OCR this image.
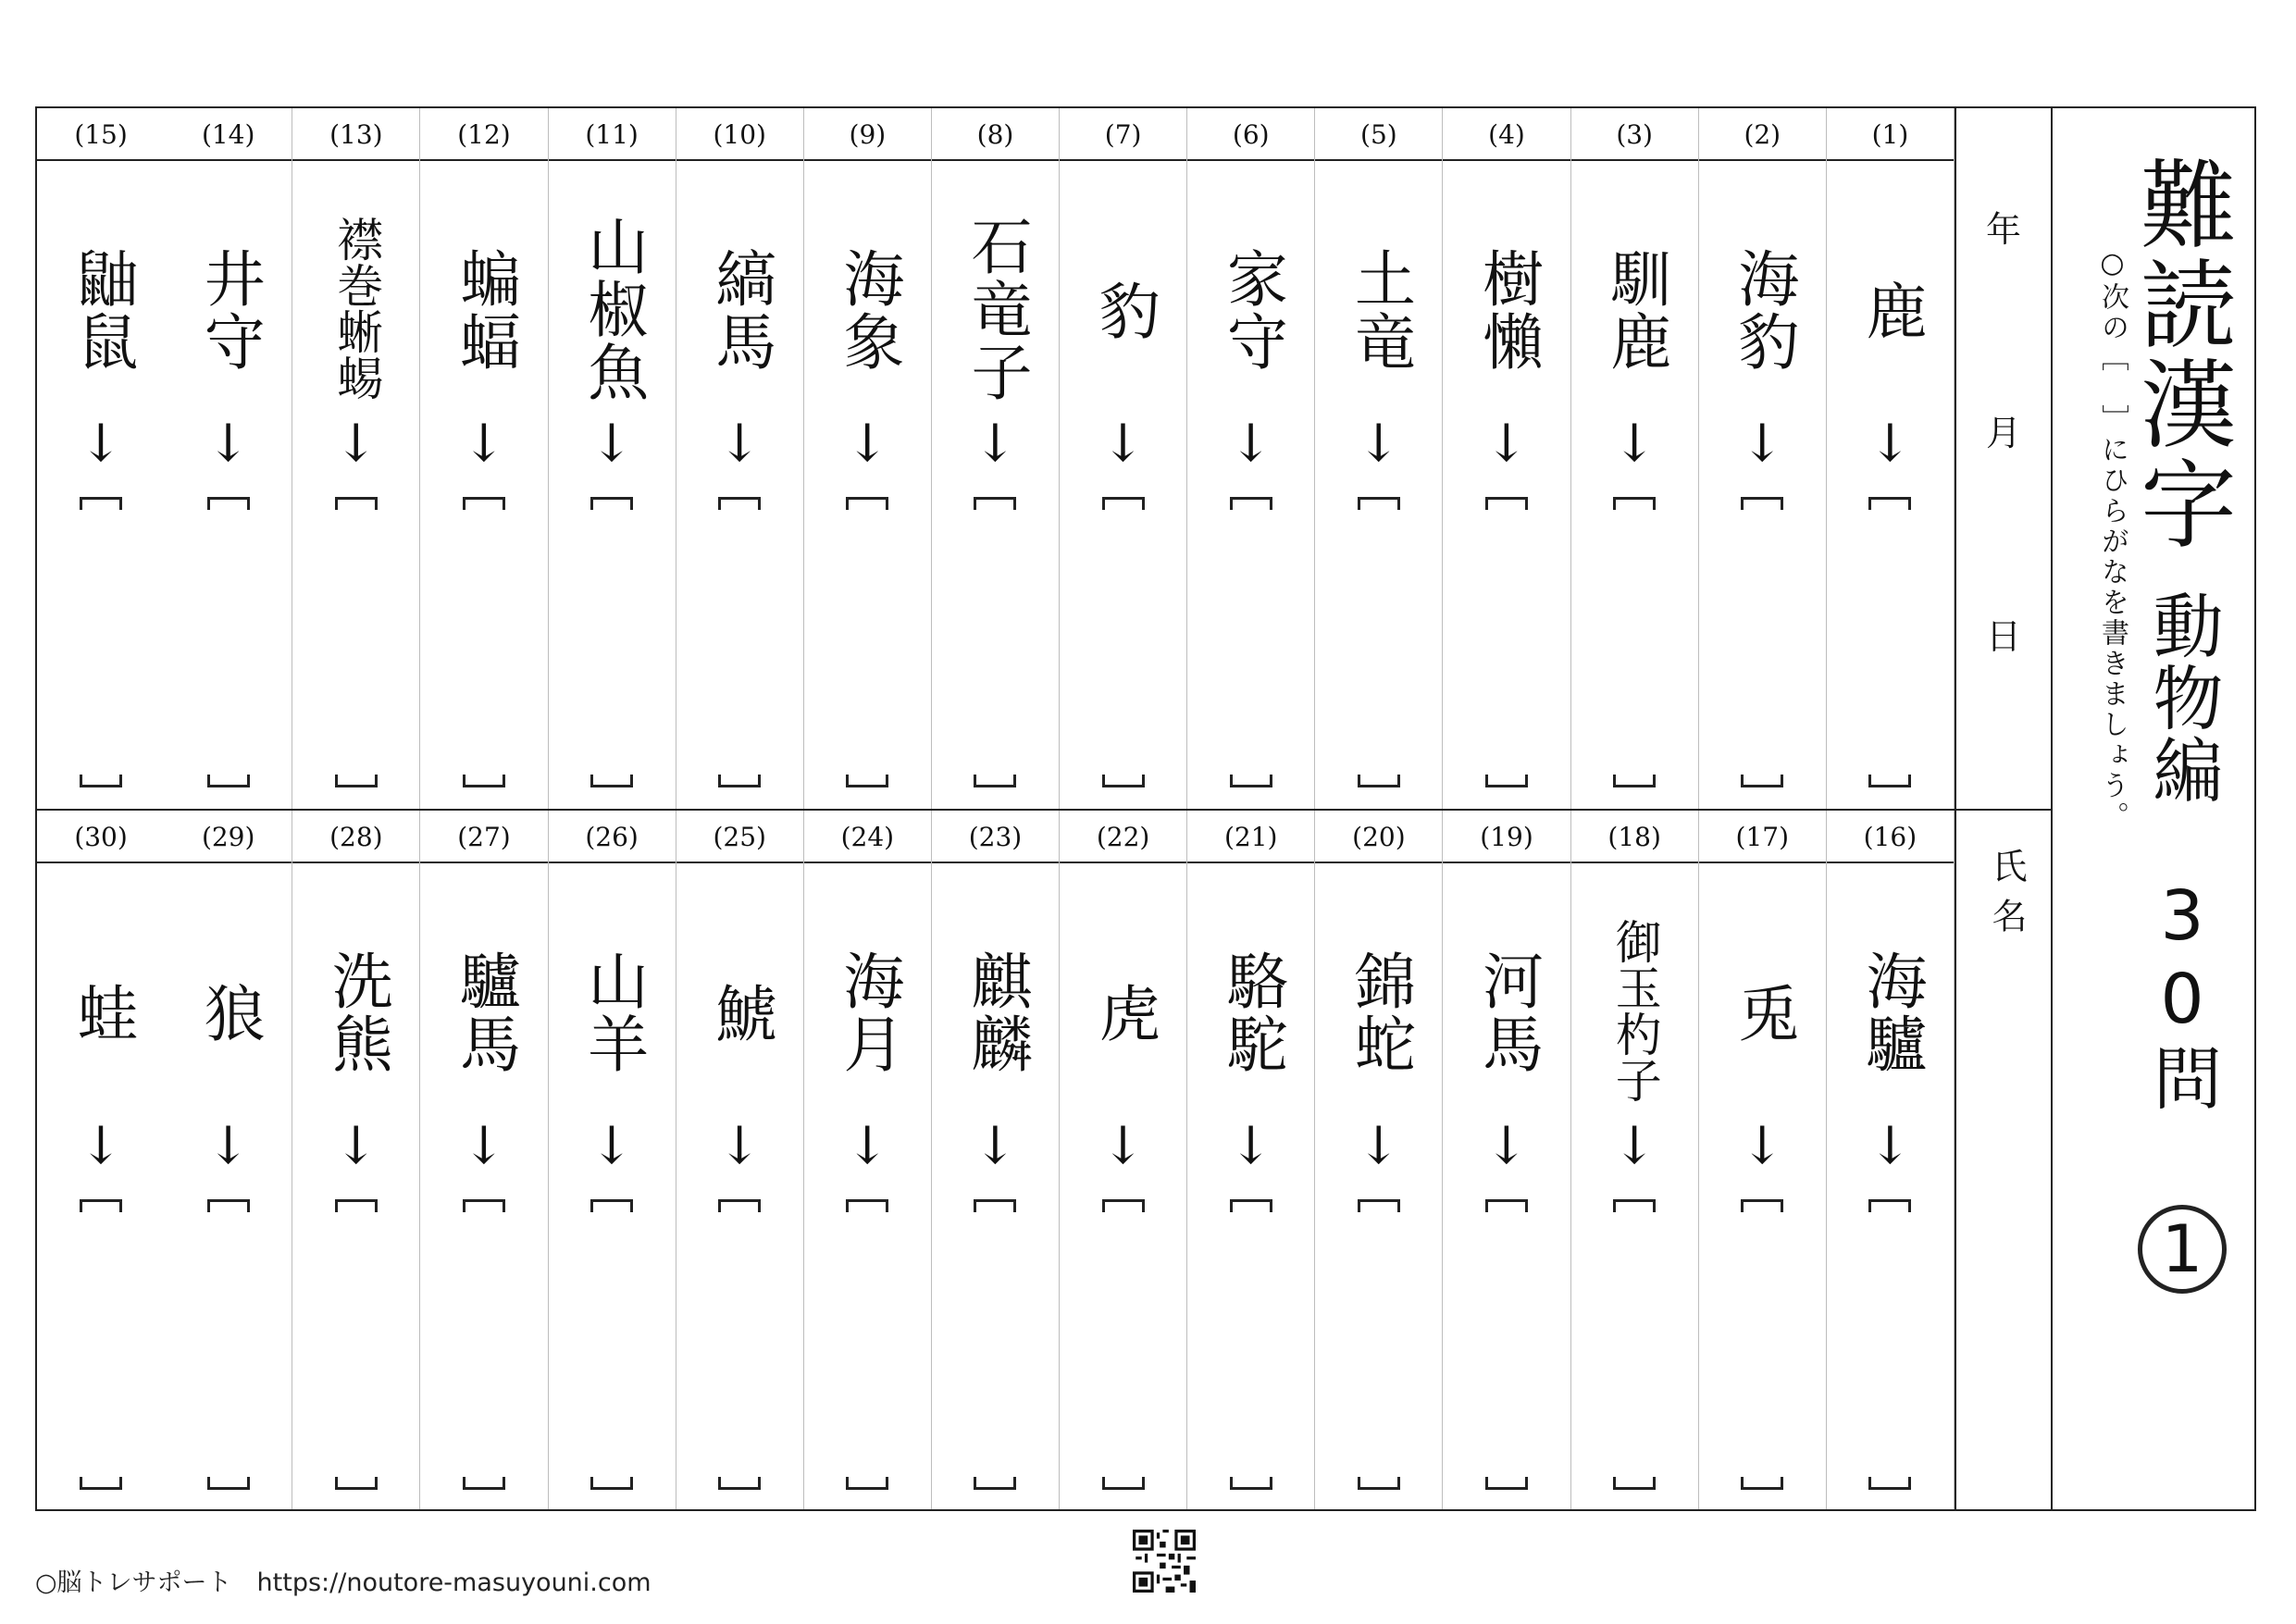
(1)
鹿
↓
(2)
海豹
↓
(3)
馴鹿
↓
(4)
樹懶
↓
(5)
土竜
↓
(6)
家守
↓
(7)
豹
↓
(8)
石竜子
↓
(9)
海象
↓
(10)
縞馬
↓
(11)
山椒魚
↓
(12)
蝙蝠
↓
(13)
襟巻蜥蜴
↓
(14)
井守
↓
(15)
鼬鼠
↓
(16)
海驢
↓
(17)
兎
↓
(18)
御玉杓子
↓
(19)
河馬
↓
(20)
錦蛇
↓
(21)
駱駝
↓
(22)
虎
↓
(23)
麒麟
↓
(24)
海月
↓
(25)
鯱
↓
(26)
山羊
↓
(27)
驢馬
↓
(28)
洗熊
↓
(29)
狼
↓
(30)
蛙
↓
年
月
日
氏名
○次の［　］にひらがなを書きましょう。
難読漢字
動物編
30問
1
○脳トレサポート　https://noutore-masuyouni.com
